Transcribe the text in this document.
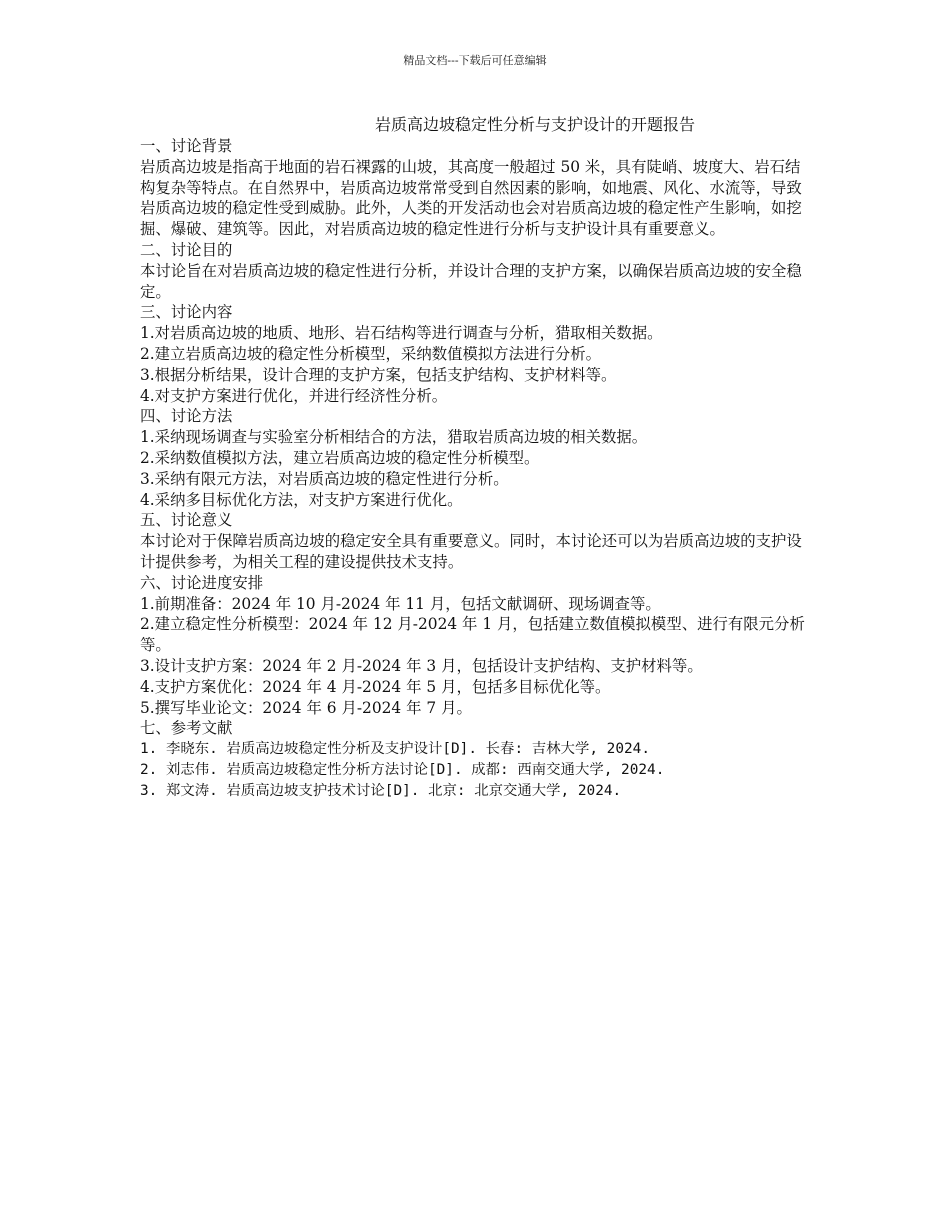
精品文档---下载后可任意编辑
岩质高边坡稳定性分析与支护设计的开题报告

一、讨论背景

岩质高边坡是指高于地面的岩石裸露的山坡，其高度一般超过 50 米，具有陡峭、坡度大、岩石结构复杂等特点。在自然界中，岩质高边坡常常受到自然因素的影响，如地震、风化、水流等，导致岩质高边坡的稳定性受到威胁。此外，人类的开发活动也会对岩质高边坡的稳定性产生影响，如挖掘、爆破、建筑等。因此，对岩质高边坡的稳定性进行分析与支护设计具有重要意义。

二、讨论目的

本讨论旨在对岩质高边坡的稳定性进行分析，并设计合理的支护方案，以确保岩质高边坡的安全稳定。

三、讨论内容

1.对岩质高边坡的地质、地形、岩石结构等进行调查与分析，猎取相关数据。

2.建立岩质高边坡的稳定性分析模型，采纳数值模拟方法进行分析。

3.根据分析结果，设计合理的支护方案，包括支护结构、支护材料等。

4.对支护方案进行优化，并进行经济性分析。

四、讨论方法

1.采纳现场调查与实验室分析相结合的方法，猎取岩质高边坡的相关数据。

2.采纳数值模拟方法，建立岩质高边坡的稳定性分析模型。

3.采纳有限元方法，对岩质高边坡的稳定性进行分析。

4.采纳多目标优化方法，对支护方案进行优化。

五、讨论意义

本讨论对于保障岩质高边坡的稳定安全具有重要意义。同时，本讨论还可以为岩质高边坡的支护设计提供参考，为相关工程的建设提供技术支持。

六、讨论进度安排

1.前期准备：2024 年 10 月-2024 年 11 月，包括文献调研、现场调查等。

2.建立稳定性分析模型：2024 年 12 月-2024 年 1 月，包括建立数值模拟模型、进行有限元分析等。

3.设计支护方案：2024 年 2 月-2024 年 3 月，包括设计支护结构、支护材料等。

4.支护方案优化：2024 年 4 月-2024 年 5 月，包括多目标优化等。

5.撰写毕业论文：2024 年 6 月-2024 年 7 月。

七、参考文献

1. 李晓东. 岩质高边坡稳定性分析及支护设计[D]. 长春: 吉林大学, 2024.

2. 刘志伟. 岩质高边坡稳定性分析方法讨论[D]. 成都: 西南交通大学, 2024.

3. 郑文涛. 岩质高边坡支护技术讨论[D]. 北京: 北京交通大学, 2024.
